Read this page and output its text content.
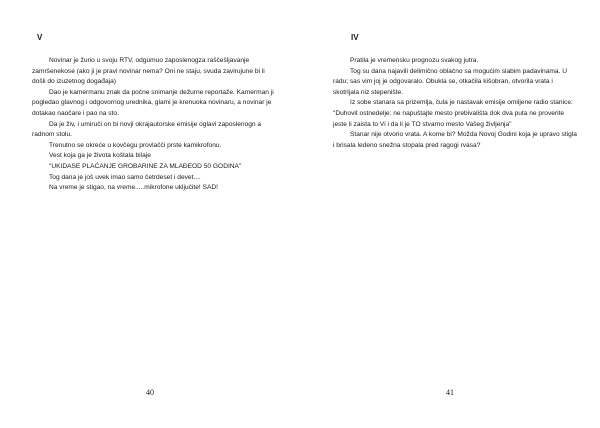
V

Novinar je žurio u svoju RTV, odgumuo zaposlenogza raščešljavanje zamršenekose (ako ji je pravi novinar nema? Oni ne staju, svuda zavirujune bi li došli do izuzetnog događaja)

Dao je kamermanu znak da počne snimanje dežurne reportaže. Kamerman ji pogledao glavnog i odgovornog urednika, glami je krenuoka novinaru, a novinar je dotakao naočare i pao na sto.

Da je živ, i umiruči on bi novji okrajautorske emisije oglavi zaposlenogn a radnom stolu.

Trenutno se okreće u kovčegu provlačči prste kamikrofonu.

Vest koja ga je života koštala bilaje

"UKIDASE PLAĆANJE GROBARINE ZA MLAĐEOD 50 GODINA"

Tog dana je još uvek imao samo četrdeset i devet....

Na vreme je stigao, na vreme.....mikrofone uključite! SAD!

40
IV

Pratila je vremensku prognozu svakog jutra.

Tog su dana najavili delimično oblačno sa mogućim slabim padavinama. U radu; sas vim joj je odgovaralo. Obukla se, otkačila kišobran, otvorila vrata i skotrljala niz stepenište.

Iz sobe stanara sa prizemlja, čula je nastavak emisije omiljene radio stanice: "Duhovit ostnedelje: ne napuštajte mesto prebivališta dok dva puta ne proverite jeste li zaista to Vi i da li je TO stvarno mesto Vašeg življenja"

Stanar nije otvorio vrata. A kome bi? Možda Novoj Godini koja je upravo stigla i brisala ledeno snežna stopala pred ragogi rvasa?

41
